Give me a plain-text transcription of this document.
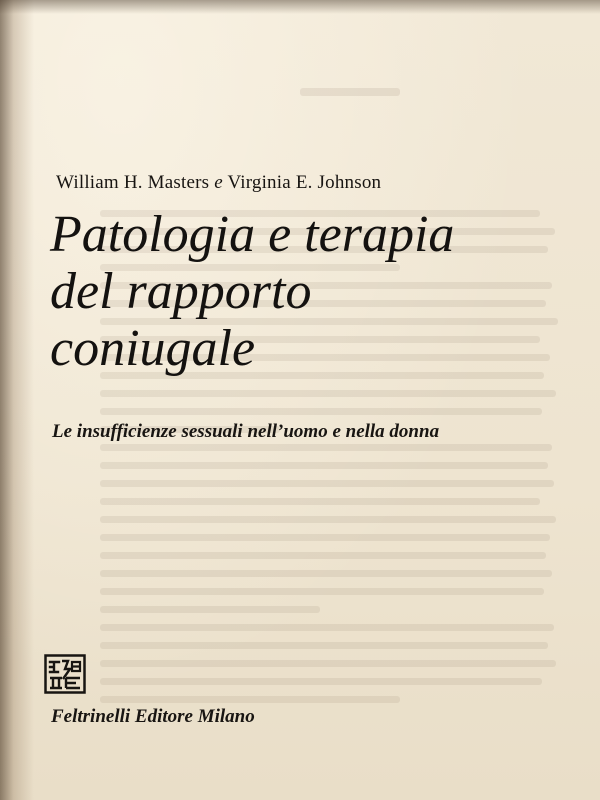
William H. Masters e Virginia E. Johnson
Patologia e terapia
del rapporto
coniugale
Le insufficienze sessuali nell’uomo e nella donna
Feltrinelli Editore Milano
